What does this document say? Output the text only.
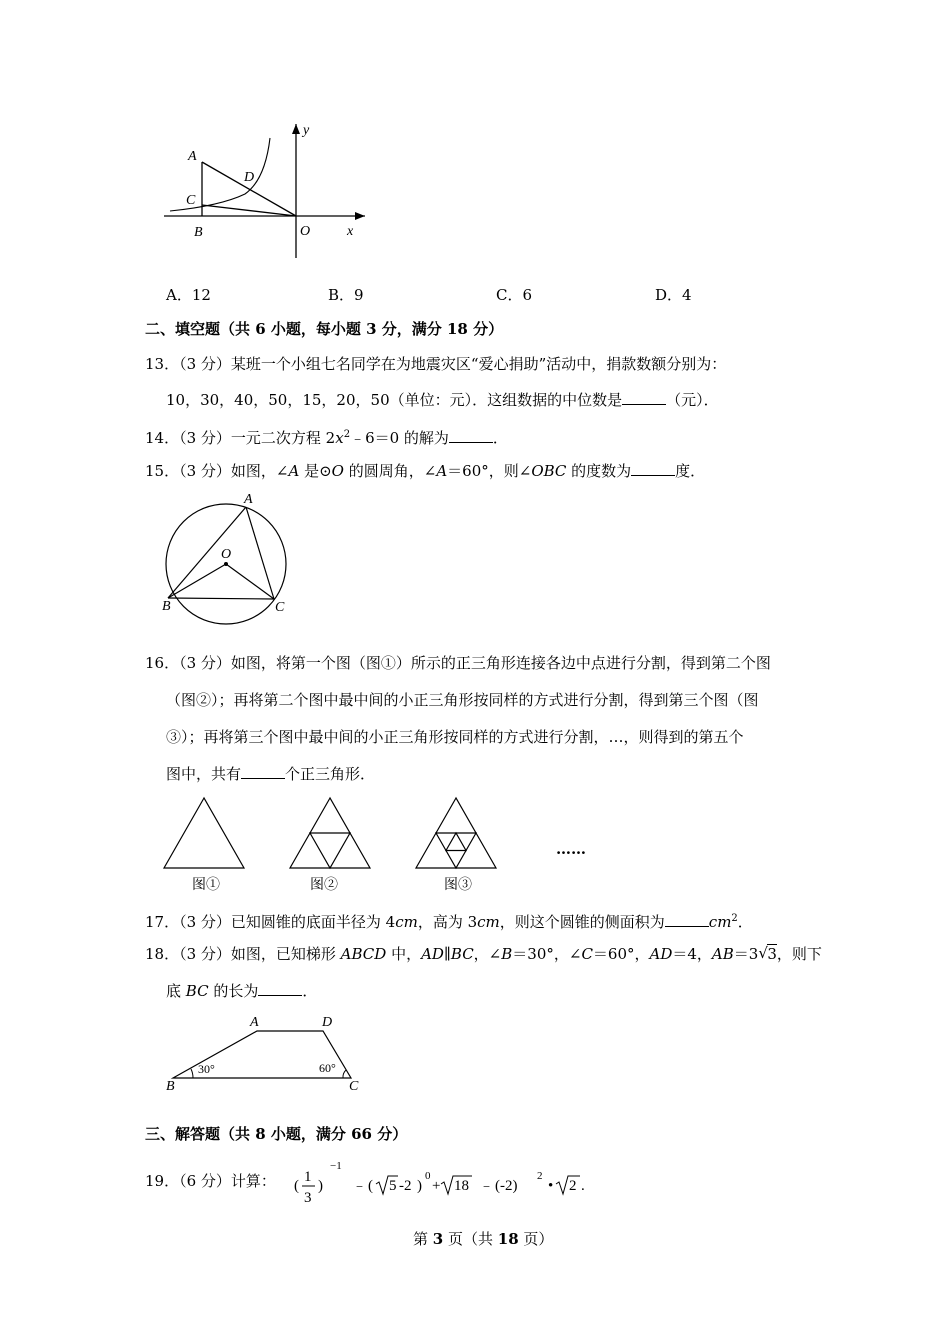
A
C
D
B	O	x
y
A．12	B．9	C．6	D．4
二、填空题（共 6 小题，每小题 3 分，满分 18 分）
13．（3 分）某班一个小组七名同学在为地震灾区“爱心捐助”活动中，捐款数额分别为：
10，30，40，50，15，20，50（单位：元）．这组数据的中位数是	（元）．
14．（3 分）一元二次方程 $2x^2﹣6=0$ 的解为	．
15．（3 分）如图，∠A 是⊙O 的圆周角，∠A＝60°，则∠OBC 的度数为	度．
A
O
B	C
16．（3 分）如图，将第一个图（图①）所示的正三角形连接各边中点进行分割，得到第二个图
（图②）；再将第二个图中最中间的小正三角形按同样的方式进行分割，得到第三个图（图
③）；再将第三个图中最中间的小正三角形按同样的方式进行分割，…，则得到的第五个
图中，共有	个正三角形．
图①	图②	图③
……
17．（3 分）已知圆锥的底面半径为 4cm，高为 3cm，则这个圆锥的侧面积为	$cm^2$．
18．（3 分）如图，已知梯形 ABCD 中，AD∥BC，∠B＝30°，∠C＝60°，AD＝4，AB＝3 √ 3，则下
底 BC 的长为	．
A	D
B	C
30°	60°
三、解答题（共 8 小题，满分 66 分）
19．（6 分）计算： (
1
3
)
−1
﹣ ( 5 -2 )
0
+ 18 ﹣ (-2)
2
• 2 .
第 3 页（共 18 页）
